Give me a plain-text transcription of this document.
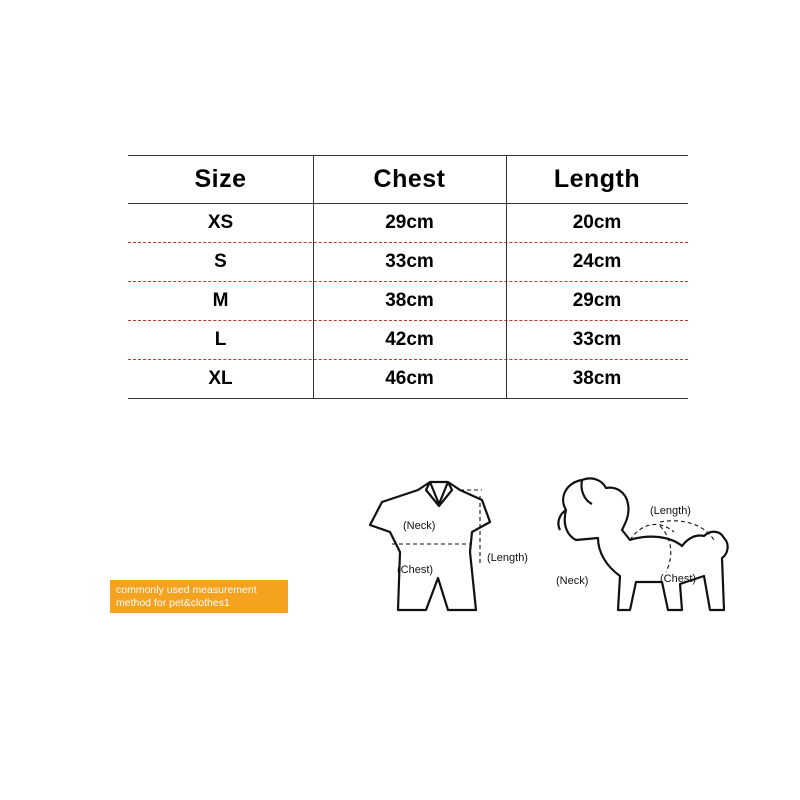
Size	Chest	Length
XS	29cm	20cm
S	33cm	24cm
M	38cm	29cm
L	42cm	33cm
XL	46cm	38cm
commonly used measurement
method for pet&clothes1
(Neck)
(Chest)
(Length)
(Length)
(Neck)	(Chest)
